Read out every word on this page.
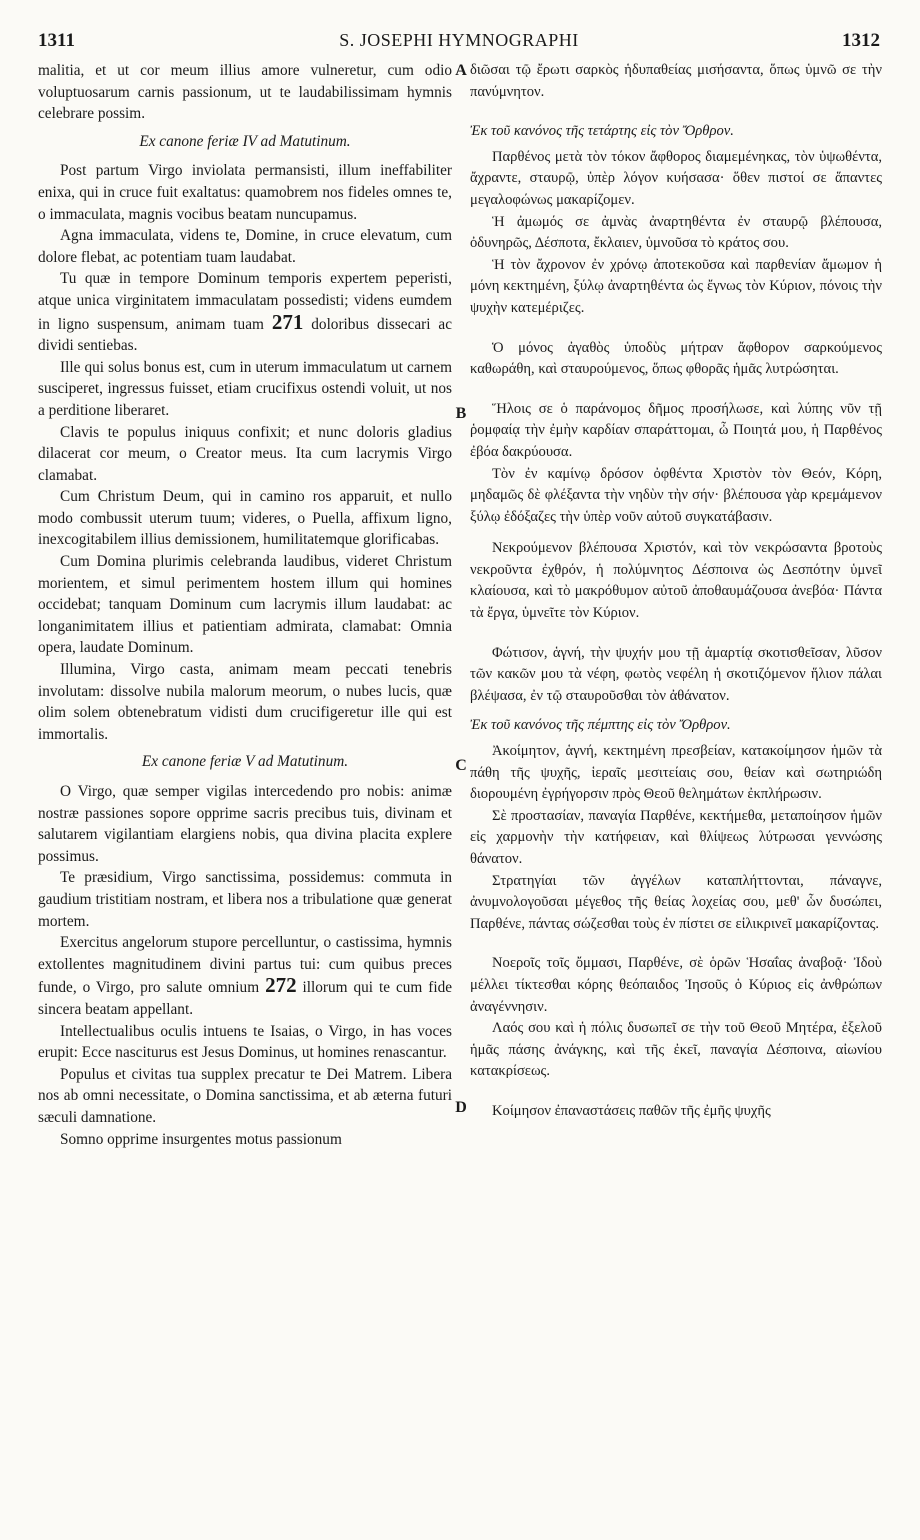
1311	S. JOSEPHI HYMNOGRAPHI	1312
A
B
C
D

malitia, et ut cor meum illius amore vulneretur, cum odio voluptuosarum carnis passionum, ut te laudabilissimam hymnis celebrare possim.

Ex canone feriæ IV ad Matutinum.

Post partum Virgo inviolata permansisti, illum ineffabiliter enixa, qui in cruce fuit exaltatus: quamobrem nos fideles omnes te, o immaculata, magnis vocibus beatam nuncupamus.

Agna immaculata, videns te, Domine, in cruce elevatum, cum dolore flebat, ac potentiam tuam laudabat.

Tu quæ in tempore Dominum temporis expertem peperisti, atque unica virginitatem immaculatam possedisti; videns eumdem in ligno suspensum, animam tuam 271 doloribus dissecari ac dividi sentiebas.

Ille qui solus bonus est, cum in uterum immaculatum ut carnem susciperet, ingressus fuisset, etiam crucifixus ostendi voluit, ut nos a perditione liberaret.

Clavis te populus iniquus confixit; et nunc doloris gladius dilacerat cor meum, o Creator meus. Ita cum lacrymis Virgo clamabat.

Cum Christum Deum, qui in camino ros apparuit, et nullo modo combussit uterum tuum; videres, o Puella, affixum ligno, inexcogitabilem illius demissionem, humilitatemque glorificabas.

Cum Domina plurimis celebranda laudibus, videret Christum morientem, et simul perimentem hostem illum qui homines occidebat; tanquam Dominum cum lacrymis illum laudabat: ac longanimitatem illius et patientiam admirata, clamabat: Omnia opera, laudate Dominum.

Illumina, Virgo casta, animam meam peccati tenebris involutam: dissolve nubila malorum meorum, o nubes lucis, quæ olim solem obtenebratum vidisti dum crucifigeretur ille qui est immortalis.

Ex canone feriæ V ad Matutinum.

O Virgo, quæ semper vigilas intercedendo pro nobis: animæ nostræ passiones sopore opprime sacris precibus tuis, divinam et salutarem vigilantiam elargiens nobis, qua divina placita explere possimus.

Te præsidium, Virgo sanctissima, possidemus: commuta in gaudium tristitiam nostram, et libera nos a tribulatione quæ generat mortem.

Exercitus angelorum stupore percelluntur, o castissima, hymnis extollentes magnitudinem divini partus tui: cum quibus preces funde, o Virgo, pro salute omnium 272 illorum qui te cum fide sincera beatam appellant.

Intellectualibus oculis intuens te Isaias, o Virgo, in has voces erupit: Ecce nasciturus est Jesus Dominus, ut homines renascantur.

Populus et civitas tua supplex precatur te Dei Matrem. Libera nos ab omni necessitate, o Domina sanctissima, et ab æterna futuri sæculi damnatione.

Somno opprime insurgentes motus passionum

διῶσαι τῷ ἔρωτι σαρκὸς ἡδυπαθείας μισήσαντα, ὅπως ὑμνῶ σε τὴν πανύμνητον.

Ἐκ τοῦ κανόνος τῆς τετάρτης εἰς τὸν Ὄρθρον.

Παρθένος μετὰ τὸν τόκον ἄφθορος διαμεμένηκας, τὸν ὑψωθέντα, ἄχραντε, σταυρῷ, ὑπὲρ λόγον κυήσασα· ὅθεν πιστοί σε ἅπαντες μεγαλοφώνως μακαρίζομεν.

Ἡ ἀμωμός σε ἀμνὰς ἀναρτηθέντα ἐν σταυρῷ βλέπουσα, ὀδυνηρῶς, Δέσποτα, ἔκλαιεν, ὑμνοῦσα τὸ κράτος σου.

Ἡ τὸν ἄχρονον ἐν χρόνῳ ἀποτεκοῦσα καὶ παρθενίαν ἄμωμον ἡ μόνη κεκτημένη, ξύλῳ ἀναρτηθέντα ὡς ἔγνως τὸν Κύριον, πόνοις τὴν ψυχὴν κατεμέριζες.

Ὁ μόνος ἀγαθὸς ὑποδὺς μήτραν ἄφθορον σαρκούμενος καθωράθη, καὶ σταυρούμενος, ὅπως φθορᾶς ἡμᾶς λυτρώσηται.

Ἥλοις σε ὁ παράνομος δῆμος προσήλωσε, καὶ λύπης νῦν τῇ ῥομφαίᾳ τὴν ἐμὴν καρδίαν σπαράττομαι, ὦ Ποιητά μου, ἡ Παρθένος ἐβόα δακρύουσα.

Τὸν ἐν καμίνῳ δρόσον ὀφθέντα Χριστὸν τὸν Θεόν, Κόρη, μηδαμῶς δὲ φλέξαντα τὴν νηδὺν τὴν σήν· βλέπουσα γὰρ κρεμάμενον ξύλῳ ἐδόξαζες τὴν ὑπὲρ νοῦν αὐτοῦ συγκατάβασιν.

Νεκρούμενον βλέπουσα Χριστόν, καὶ τὸν νεκρώσαντα βροτοὺς νεκροῦντα ἐχθρόν, ἡ πολύμνητος Δέσποινα ὡς Δεσπότην ὑμνεῖ κλαίουσα, καὶ τὸ μακρόθυμον αὐτοῦ ἀποθαυμάζουσα ἀνεβόα· Πάντα τὰ ἔργα, ὑμνεῖτε τὸν Κύριον.

Φώτισον, ἁγνή, τὴν ψυχήν μου τῇ ἁμαρτίᾳ σκοτισθεῖσαν, λῦσον τῶν κακῶν μου τὰ νέφη, φωτὸς νεφέλη ἡ σκοτιζόμενον ἥλιον πάλαι βλέψασα, ἐν τῷ σταυροῦσθαι τὸν ἀθάνατον.

Ἐκ τοῦ κανόνος τῆς πέμπτης εἰς τὸν Ὄρθρον.

Ἀκοίμητον, ἁγνή, κεκτημένη πρεσβείαν, κατακοίμησον ἡμῶν τὰ πάθη τῆς ψυχῆς, ἱεραῖς μεσιτείαις σου, θείαν καὶ σωτηριώδη διορουμένη ἐγρήγορσιν πρὸς Θεοῦ θελημάτων ἐκπλήρωσιν.

Σὲ προστασίαν, παναγία Παρθένε, κεκτήμεθα, μεταποίησον ἡμῶν εἰς χαρμονὴν τὴν κατήφειαν, καὶ θλίψεως λύτρωσαι γεννώσης θάνατον.

Στρατηγίαι τῶν ἀγγέλων καταπλήττονται, πάναγνε, ἀνυμνολογοῦσαι μέγεθος τῆς θείας λοχείας σου, μεθ' ὧν δυσώπει, Παρθένε, πάντας σώζεσθαι τοὺς ἐν πίστει σε εἰλικρινεῖ μακαρίζοντας.

Νοεροῖς τοῖς ὄμμασι, Παρθένε, σὲ ὁρῶν Ἡσαΐας ἀναβοᾷ· Ἰδοὺ μέλλει τίκτεσθαι κόρης θεόπαιδος Ἰησοῦς ὁ Κύριος εἰς ἀνθρώπων ἀναγέννησιν.

Λαός σου καὶ ἡ πόλις δυσωπεῖ σε τὴν τοῦ Θεοῦ Μητέρα, ἐξελοῦ ἡμᾶς πάσης ἀνάγκης, καὶ τῆς ἐκεῖ, παναγία Δέσποινα, αἰωνίου κατακρίσεως.

Κοίμησον ἐπαναστάσεις παθῶν τῆς ἐμῆς ψυχῆς
